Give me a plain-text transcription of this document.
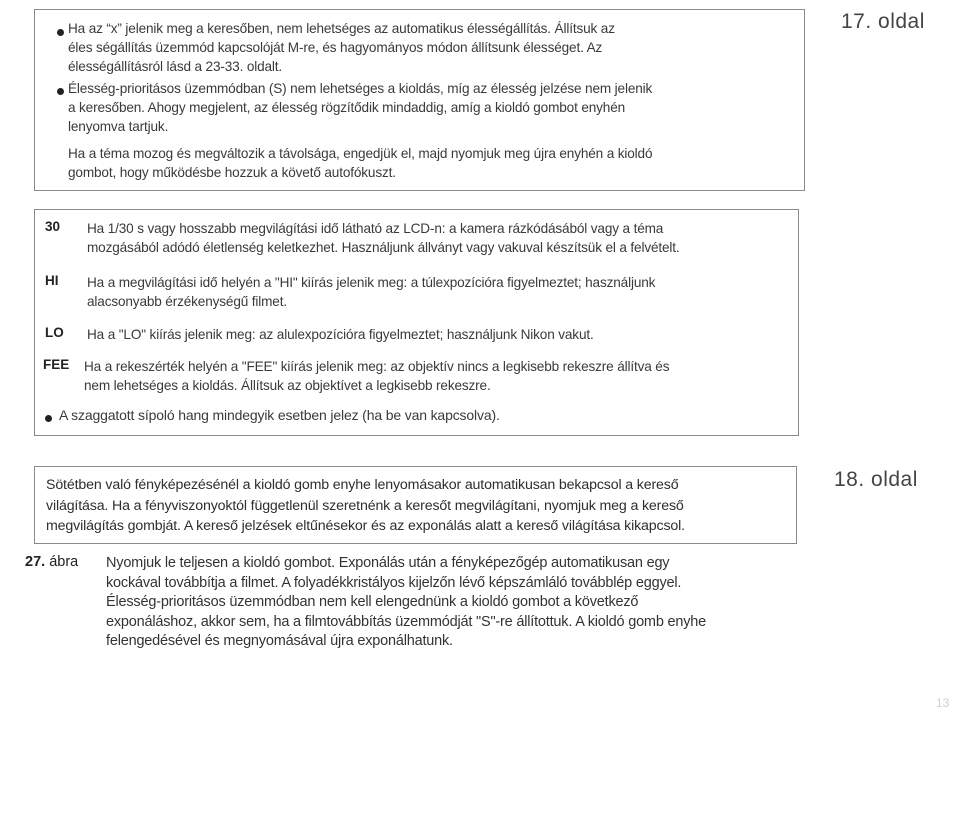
17. oldal
18. oldal
13
Ha az “x” jelenik meg a keresőben, nem lehetséges az automatikus élességállítás. Állítsuk az
éles ségállítás üzemmód kapcsolóját M-re, és hagyományos módon állítsunk élességet. Az
élességállításról lásd a 23-33. oldalt.
Élesség-prioritásos üzemmódban (S) nem lehetséges a kioldás, míg az élesség jelzése nem jelenik
a keresőben. Ahogy megjelent, az élesség rögzítődik mindaddig, amíg a kioldó gombot enyhén
lenyomva tartjuk.
Ha a téma mozog és megváltozik a távolsága, engedjük el, majd nyomjuk meg újra enyhén a kioldó
gombot, hogy működésbe hozzuk a követő autofókuszt.
30 Ha 1/30 s vagy hosszabb megvilágítási idő látható az LCD-n: a kamera rázkódásából vagy a téma
mozgásából adódó életlenség keletkezhet. Használjunk állványt vagy vakuval készítsük el a felvételt.
HI Ha a megvilágítási idő helyén a "HI" kiírás jelenik meg: a túlexpozícióra figyelmeztet; használjunk
alacsonyabb érzékenységű filmet.
LO Ha a "LO" kiírás jelenik meg: az alulexpozícióra figyelmeztet; használjunk Nikon vakut.
FEE Ha a rekeszérték helyén a "FEE" kiírás jelenik meg: az objektív nincs a legkisebb rekeszre állítva és
nem lehetséges a kioldás. Állítsuk az objektívet a legkisebb rekeszre.
A szaggatott sípoló hang mindegyik esetben jelez (ha be van kapcsolva).
Sötétben való fényképezésénél a kioldó gomb enyhe lenyomásakor automatikusan bekapcsol a kereső
világítása. Ha a fényviszonyoktól függetlenül szeretnénk a keresőt megvilágítani, nyomjuk meg a kereső
megvilágítás gombját. A kereső jelzések eltűnésekor és az exponálás alatt a kereső világítása kikapcsol.
27. ábra Nyomjuk le teljesen a kioldó gombot. Exponálás után a fényképezőgép automatikusan egy
kockával továbbítja a filmet. A folyadékkristályos kijelzőn lévő képszámláló továbblép eggyel.
Élesség-prioritásos üzemmódban nem kell elengednünk a kioldó gombot a következő
exponáláshoz, akkor sem, ha a filmtovábbítás üzemmódját "S"-re állítottuk. A kioldó gomb enyhe
felengedésével és megnyomásával újra exponálhatunk.
